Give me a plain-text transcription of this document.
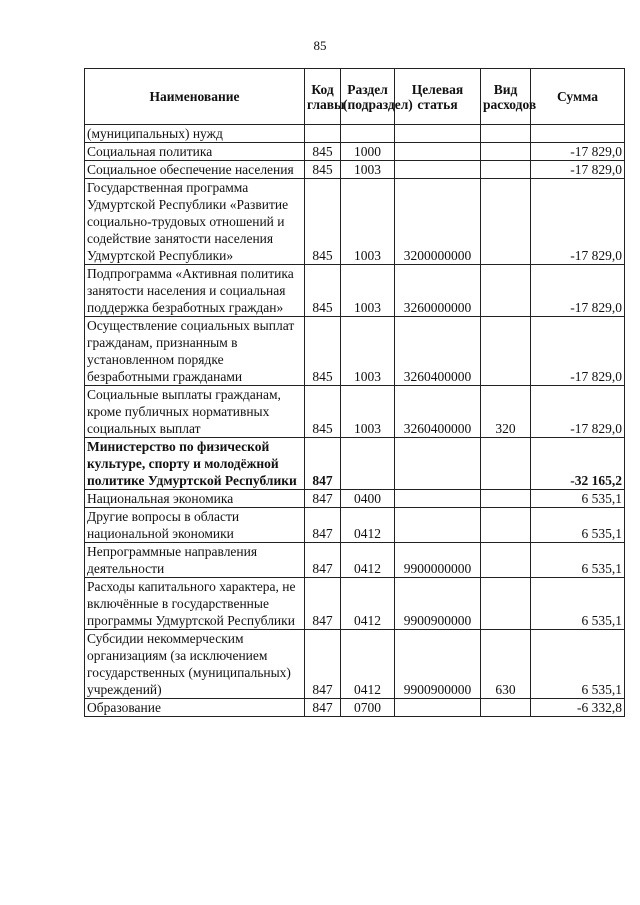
85
Наименование	Код главы	Раздел (подраздел)	Целевая статья	Вид расходов	Сумма
(муниципальных) нужд					
Социальная политика	845	1000			-17 829,0
Социальное обеспечение населения	845	1003			-17 829,0
Государственная программа Удмуртской Республики «Развитие социально-трудовых отношений и содействие занятости населения Удмуртской Республики»	845	1003	3200000000		-17 829,0
Подпрограмма «Активная политика занятости населения и социальная поддержка безработных граждан»	845	1003	3260000000		-17 829,0
Осуществление социальных выплат гражданам, признанным в установленном порядке безработными гражданами	845	1003	3260400000		-17 829,0
Социальные выплаты гражданам, кроме публичных нормативных социальных выплат	845	1003	3260400000	320	-17 829,0
Министерство по физической культуре, спорту и молодёжной политике Удмуртской Республики	847				-32 165,2
Национальная экономика	847	0400			6 535,1
Другие вопросы в области национальной экономики	847	0412			6 535,1
Непрограммные направления деятельности	847	0412	9900000000		6 535,1
Расходы капитального характера, не включённые в государственные программы Удмуртской Республики	847	0412	9900900000		6 535,1
Субсидии некоммерческим организациям (за исключением государственных (муниципальных) учреждений)	847	0412	9900900000	630	6 535,1
Образование	847	0700			-6 332,8
